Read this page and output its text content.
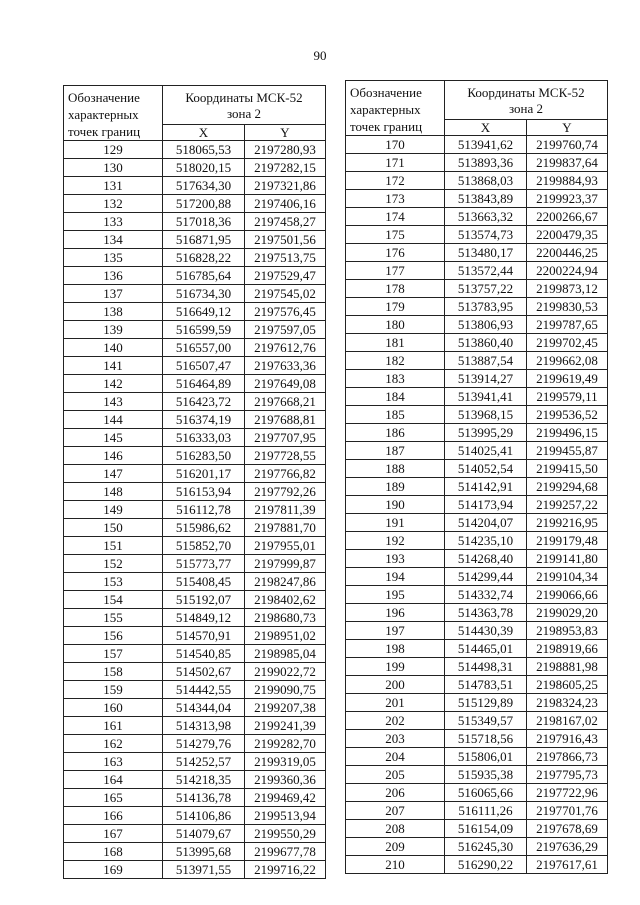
90
Обозначение
характерных
точек границ	Координаты МСК-52
зона 2	
	X	Y
129	518065,53	2197280,93
130	518020,15	2197282,15
131	517634,30	2197321,86
132	517200,88	2197406,16
133	517018,36	2197458,27
134	516871,95	2197501,56
135	516828,22	2197513,75
136	516785,64	2197529,47
137	516734,30	2197545,02
138	516649,12	2197576,45
139	516599,59	2197597,05
140	516557,00	2197612,76
141	516507,47	2197633,36
142	516464,89	2197649,08
143	516423,72	2197668,21
144	516374,19	2197688,81
145	516333,03	2197707,95
146	516283,50	2197728,55
147	516201,17	2197766,82
148	516153,94	2197792,26
149	516112,78	2197811,39
150	515986,62	2197881,70
151	515852,70	2197955,01
152	515773,77	2197999,87
153	515408,45	2198247,86
154	515192,07	2198402,62
155	514849,12	2198680,73
156	514570,91	2198951,02
157	514540,85	2198985,04
158	514502,67	2199022,72
159	514442,55	2199090,75
160	514344,04	2199207,38
161	514313,98	2199241,39
162	514279,76	2199282,70
163	514252,57	2199319,05
164	514218,35	2199360,36
165	514136,78	2199469,42
166	514106,86	2199513,94
167	514079,67	2199550,29
168	513995,68	2199677,78
169	513971,55	2199716,22
Обозначение
характерных
точек границ	Координаты МСК-52
зона 2	
	X	Y
170	513941,62	2199760,74
171	513893,36	2199837,64
172	513868,03	2199884,93
173	513843,89	2199923,37
174	513663,32	2200266,67
175	513574,73	2200479,35
176	513480,17	2200446,25
177	513572,44	2200224,94
178	513757,22	2199873,12
179	513783,95	2199830,53
180	513806,93	2199787,65
181	513860,40	2199702,45
182	513887,54	2199662,08
183	513914,27	2199619,49
184	513941,41	2199579,11
185	513968,15	2199536,52
186	513995,29	2199496,15
187	514025,41	2199455,87
188	514052,54	2199415,50
189	514142,91	2199294,68
190	514173,94	2199257,22
191	514204,07	2199216,95
192	514235,10	2199179,48
193	514268,40	2199141,80
194	514299,44	2199104,34
195	514332,74	2199066,66
196	514363,78	2199029,20
197	514430,39	2198953,83
198	514465,01	2198919,66
199	514498,31	2198881,98
200	514783,51	2198605,25
201	515129,89	2198324,23
202	515349,57	2198167,02
203	515718,56	2197916,43
204	515806,01	2197866,73
205	515935,38	2197795,73
206	516065,66	2197722,96
207	516111,26	2197701,76
208	516154,09	2197678,69
209	516245,30	2197636,29
210	516290,22	2197617,61
